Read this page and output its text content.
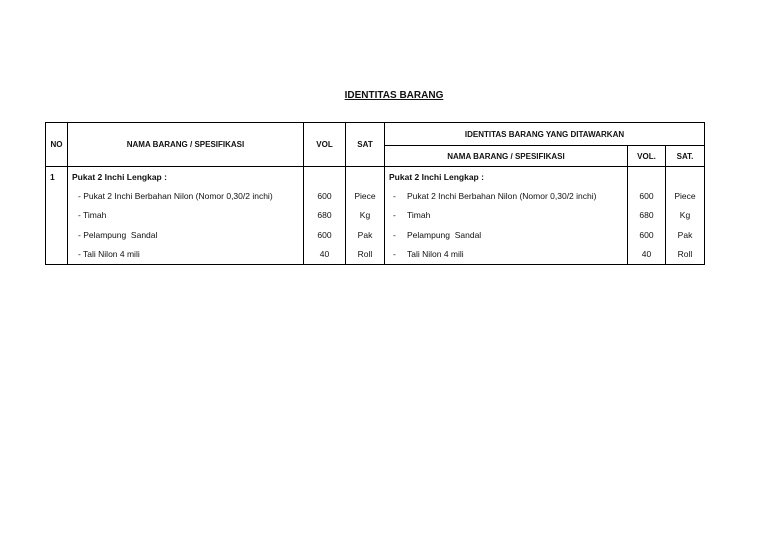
IDENTITAS BARANG
NO	NAMA BARANG / SPESIFIKASI	VOL	SAT	IDENTITAS BARANG YANG DITAWARKAN		
				NAMA BARANG / SPESIFIKASI	VOL.	SAT.
1	Pukat 2 Inchi Lengkap :			Pukat 2 Inchi Lengkap :		
	- Pukat 2 Inchi Berbahan Nilon (Nomor 0,30/2 inchi)	600	Piece	- Pukat 2 Inchi Berbahan Nilon (Nomor 0,30/2 inchi)	600	Piece
	- Timah	680	Kg	- Timah	680	Kg
	- Pelampung  Sandal	600	Pak	- Pelampung  Sandal	600	Pak
	- Tali Nilon 4 mili	40	Roll	- Tali Nilon 4 mili	40	Roll
